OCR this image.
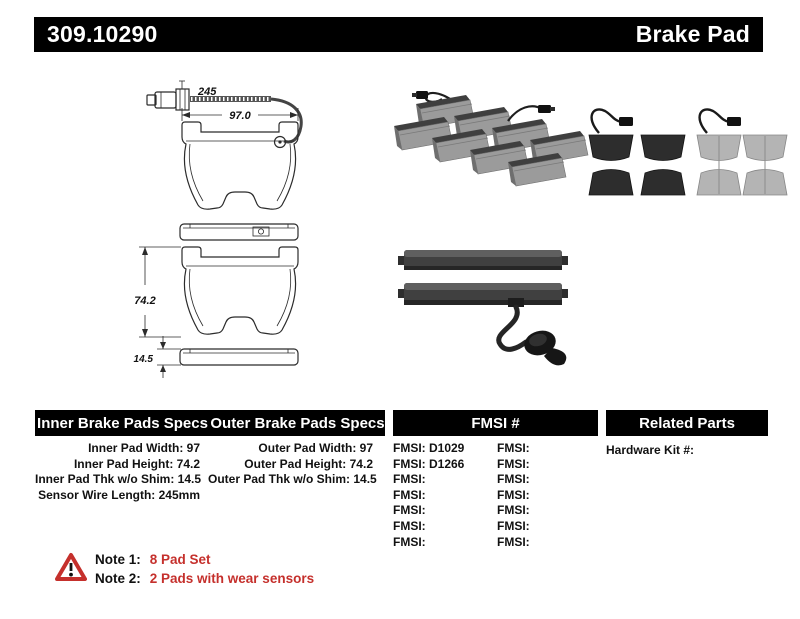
309.10290	Brake Pad
245
97.0
74.2
14.5
Inner Brake Pads Specs Outer Brake Pads Specs	FMSI #	Related Parts
Inner Pad Width: 97
Inner Pad Height: 74.2
Inner Pad Thk w/o Shim: 14.5
Sensor Wire Length: 245mm
Outer Pad Width: 97
Outer Pad Height: 74.2
Outer Pad Thk w/o Shim: 14.5
FMSI: D1029
FMSI: D1266
FMSI:
FMSI:
FMSI:
FMSI:
FMSI:
FMSI:
FMSI:
FMSI:
FMSI:
FMSI:
FMSI:
FMSI:
Hardware Kit #:
Note 1: 8 Pad Set
Note 2: 2 Pads with wear sensors
